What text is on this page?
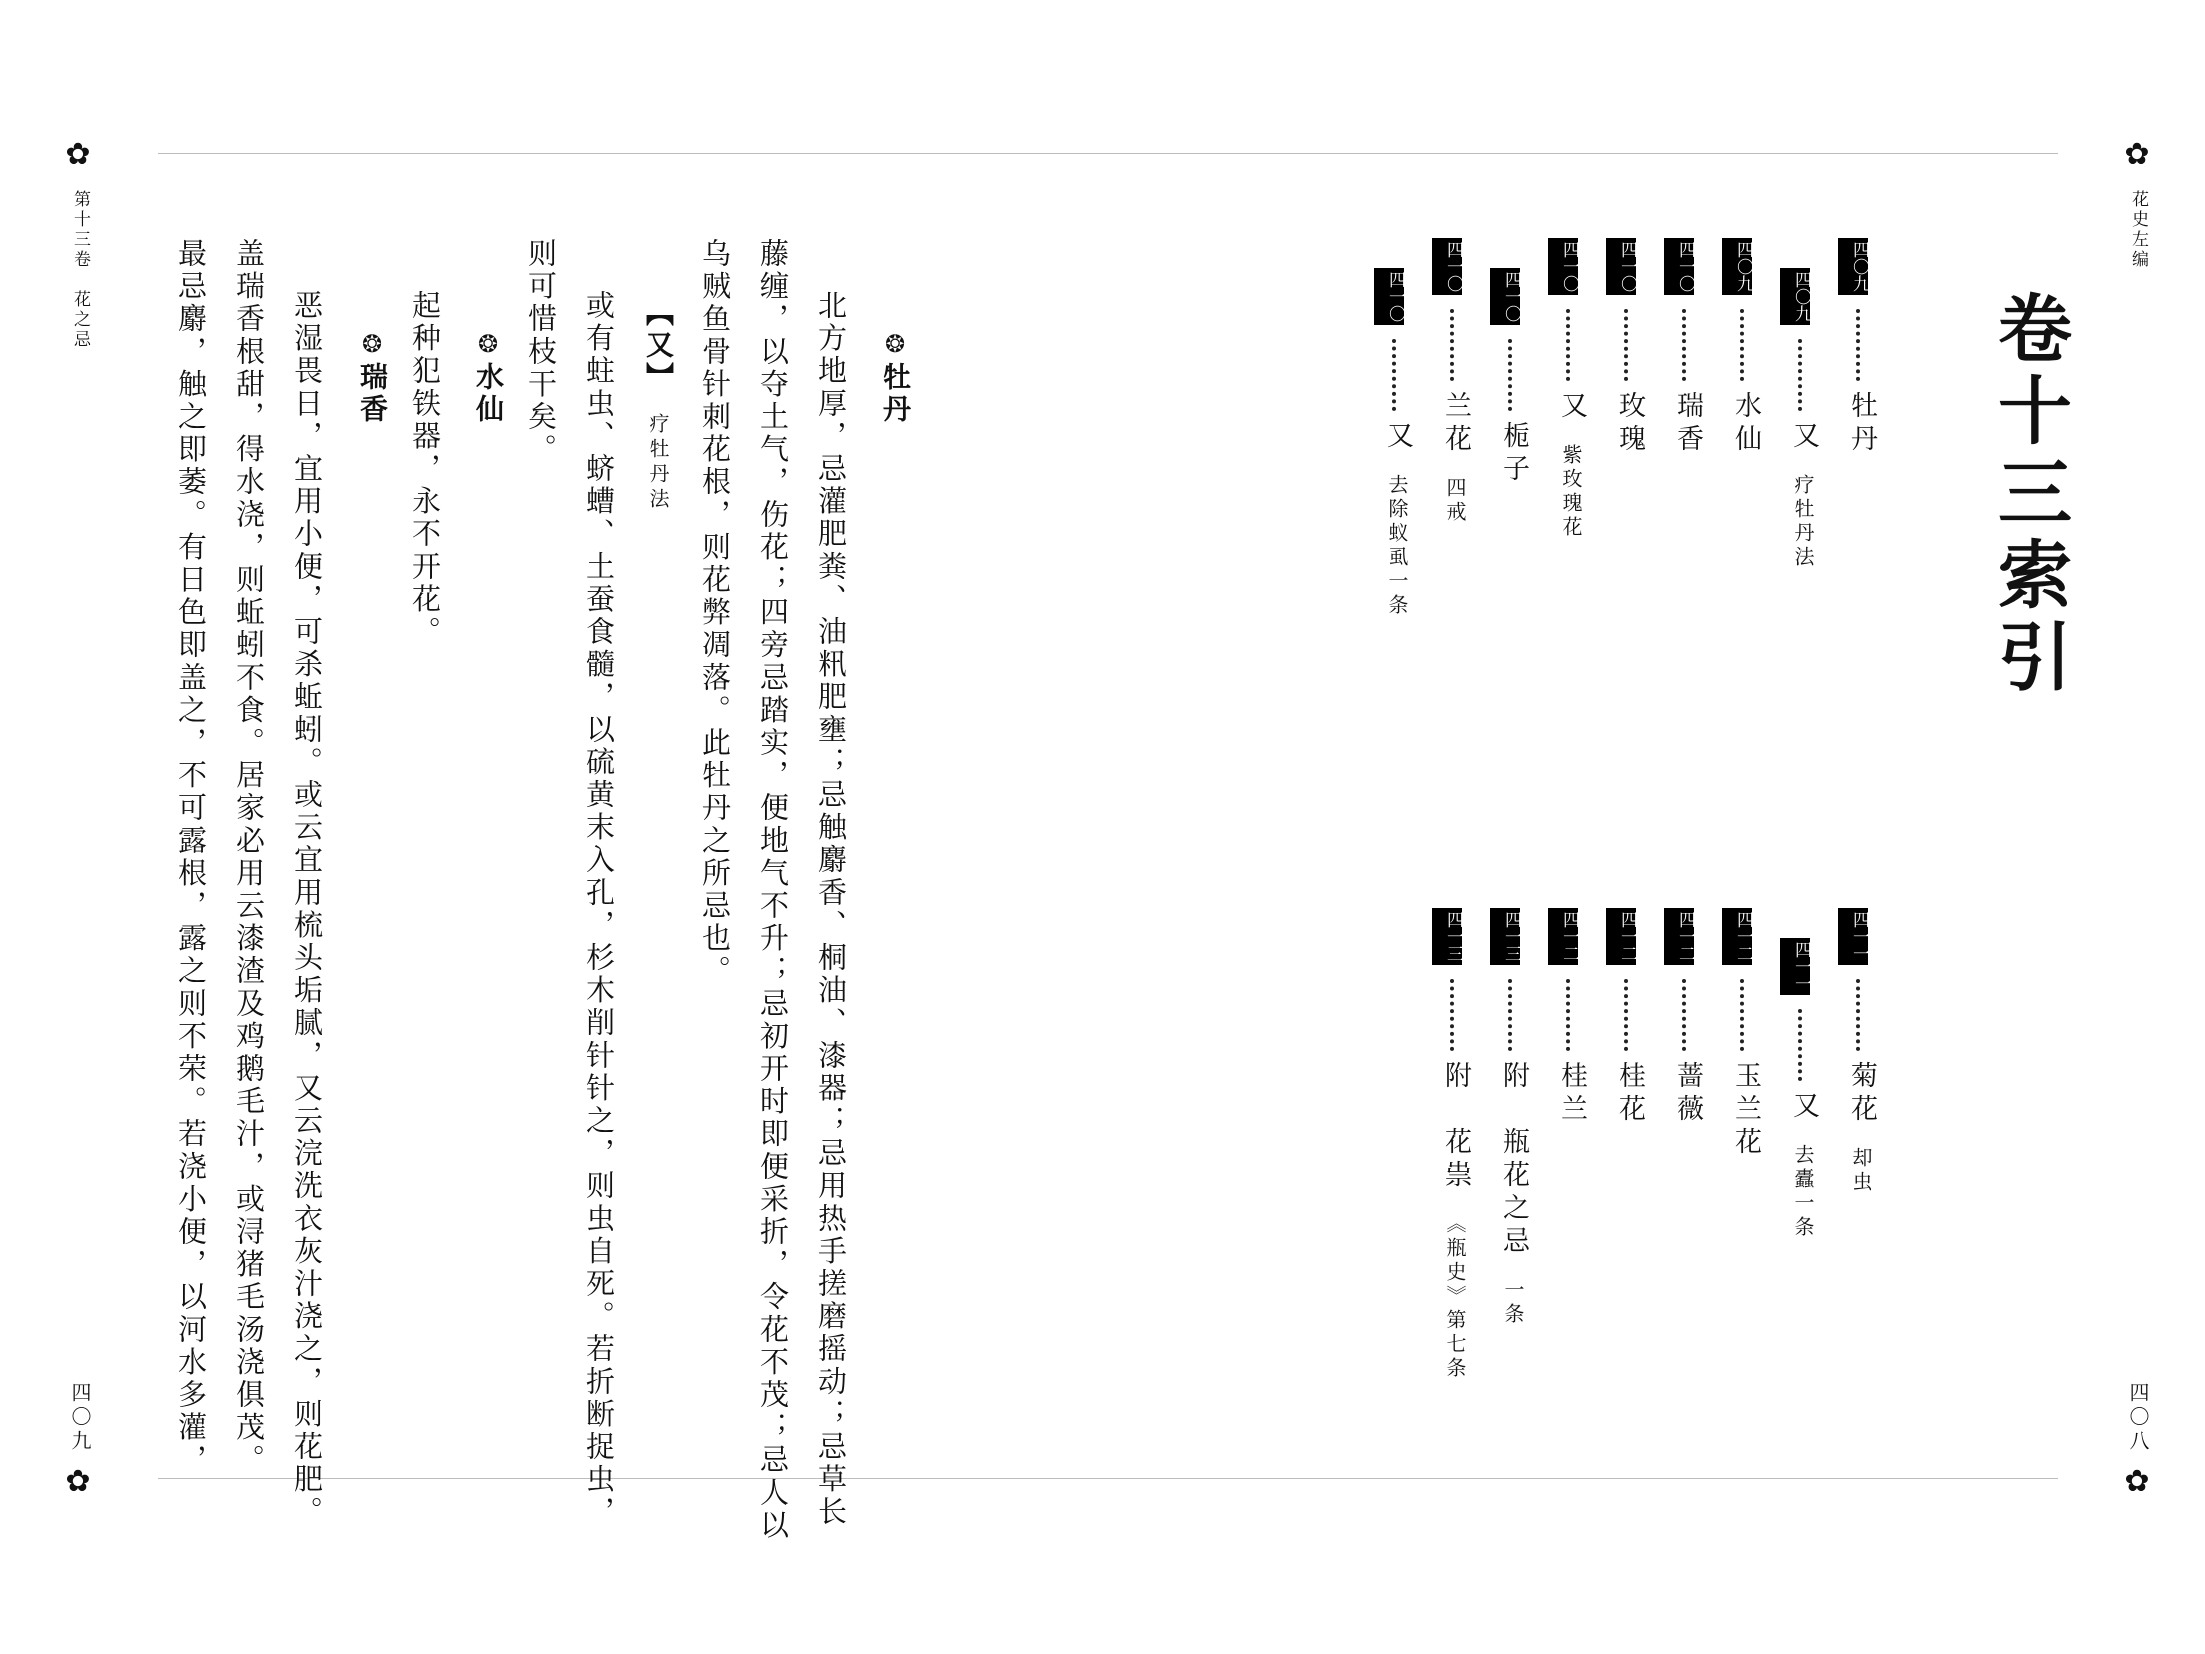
✿
✿
✿
✿
第十三卷　花之忌
四〇九
花史左编
四〇八
卷十三索引
四〇九
牡丹
四〇九
又疗牡丹法
四〇九
水仙
四一〇
瑞香
四一〇
玫瑰
四一〇
又紫玫瑰花
四一〇
栀子
四一〇
兰花四戒
四一〇
又去除蚁虱一条
四一一
菊花却虫
四一一
又去蠹一条
四一二
玉兰花
四一二
蔷薇
四一二
桂花
四一二
桂兰
四一三
附　瓶花之忌一条
四一三
附　花祟《瓶史》第七条
❂牡丹
北方地厚，忌灌肥粪、油籸肥壅；忌触麝香、桐油、漆器；忌用热手搓磨摇动；忌草长
藤缠，以夺土气，伤花；四旁忌踏实，便地气不升；忌初开时即便采折，令花不茂；忌人以
乌贼鱼骨针刺花根，则花弊凋落。此牡丹之所忌也。
【又】 疗牡丹法
或有蛀虫、蛴螬、土蚕食髓，以硫黄末入孔，杉木削针针之，则虫自死。若折断捉虫，
则可惜枝干矣。
❂水仙
起种犯铁器，永不开花。
❂瑞香
恶湿畏日，宜用小便，可杀蚯蚓。或云宜用梳头垢腻，又云浣洗衣灰汁浇之，则花肥。
盖瑞香根甜，得水浇，则蚯蚓不食。居家必用云漆渣及鸡鹅毛汁，或浔猪毛汤浇俱茂。
最忌麝，触之即萎。有日色即盖之，不可露根，露之则不荣。若浇小便，以河水多灌，
